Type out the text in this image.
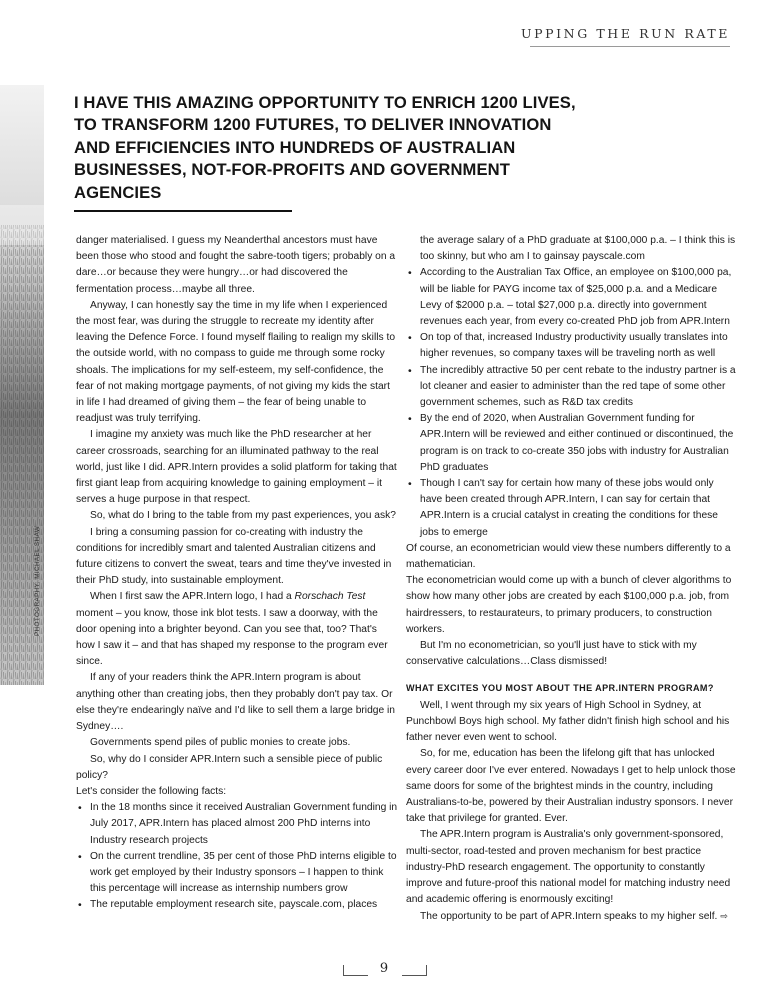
UPPING THE RUN RATE
I HAVE THIS AMAZING OPPORTUNITY TO ENRICH 1200 LIVES, TO TRANSFORM 1200 FUTURES, TO DELIVER INNOVATION AND EFFICIENCIES INTO HUNDREDS OF AUSTRALIAN BUSINESSES, NOT-FOR-PROFITS AND GOVERNMENT AGENCIES
PHOTOGRAPHY: MICHAEL SHAW

danger materialised. I guess my Neanderthal ancestors must have been those who stood and fought the sabre-tooth tigers; probably on a dare…or because they were hungry…or had discovered the fermentation process…maybe all three.

Anyway, I can honestly say the time in my life when I experienced the most fear, was during the struggle to recreate my identity after leaving the Defence Force. I found myself flailing to realign my skills to the outside world, with no compass to guide me through some rocky shoals. The implications for my self-esteem, my self-confidence, the fear of not making mortgage payments, of not giving my kids the start in life I had dreamed of giving them – the fear of being unable to readjust was truly terrifying.

I imagine my anxiety was much like the PhD researcher at her career crossroads, searching for an illuminated pathway to the real world, just like I did. APR.Intern provides a solid platform for taking that first giant leap from acquiring knowledge to gaining employment – it serves a huge purpose in that respect.

So, what do I bring to the table from my past experiences, you ask?

I bring a consuming passion for co-creating with industry the conditions for incredibly smart and talented Australian citizens and future citizens to convert the sweat, tears and time they've invested in their PhD study, into sustainable employment.

When I first saw the APR.Intern logo, I had a Rorschach Test moment – you know, those ink blot tests. I saw a doorway, with the door opening into a brighter beyond. Can you see that, too? That's how I saw it – and that has shaped my response to the program ever since.

If any of your readers think the APR.Intern program is about anything other than creating jobs, then they probably don't pay tax. Or else they're endearingly naïve and I'd like to sell them a large bridge in Sydney….

Governments spend piles of public monies to create jobs.

So, why do I consider APR.Intern such a sensible piece of public policy?

Let's consider the following facts:

• In the 18 months since it received Australian Government funding in July 2017, APR.Intern has placed almost 200 PhD interns into Industry research projects
• On the current trendline, 35 per cent of those PhD interns eligible to work get employed by their Industry sponsors – I happen to think this percentage will increase as internship numbers grow
• The reputable employment research site, payscale.com, places

the average salary of a PhD graduate at $100,000 p.a. – I think this is too skinny, but who am I to gainsay payscale.com

• According to the Australian Tax Office, an employee on $100,000 pa, will be liable for PAYG income tax of $25,000 p.a. and a Medicare Levy of $2000 p.a. – total $27,000 p.a. directly into government revenues each year, from every co-created PhD job from APR.Intern
• On top of that, increased Industry productivity usually translates into higher revenues, so company taxes will be traveling north as well
• The incredibly attractive 50 per cent rebate to the industry partner is a lot cleaner and easier to administer than the red tape of some other government schemes, such as R&D tax credits
• By the end of 2020, when Australian Government funding for APR.Intern will be reviewed and either continued or discontinued, the program is on track to co-create 350 jobs with industry for Australian PhD graduates
• Though I can't say for certain how many of these jobs would only have been created through APR.Intern, I can say for certain that APR.Intern is a crucial catalyst in creating the conditions for these jobs to emerge

Of course, an econometrician would view these numbers differently to a mathematician.

The econometrician would come up with a bunch of clever algorithms to show how many other jobs are created by each $100,000 p.a. job, from hairdressers, to restaurateurs, to primary producers, to construction workers.

But I'm no econometrician, so you'll just have to stick with my conservative calculations…Class dismissed!

WHAT EXCITES YOU MOST ABOUT THE APR.INTERN PROGRAM?

Well, I went through my six years of High School in Sydney, at Punchbowl Boys high school. My father didn't finish high school and his father never even went to school.

So, for me, education has been the lifelong gift that has unlocked every career door I've ever entered. Nowadays I get to help unlock those same doors for some of the brightest minds in the country, including Australians-to-be, powered by their Australian industry sponsors. I never take that privilege for granted. Ever.

The APR.Intern program is Australia's only government-sponsored, multi-sector, road-tested and proven mechanism for best practice industry-PhD research engagement. The opportunity to constantly improve and future-proof this national model for matching industry need and academic offering is enormously exciting!

The opportunity to be part of APR.Intern speaks to my higher self. ⇨

9
